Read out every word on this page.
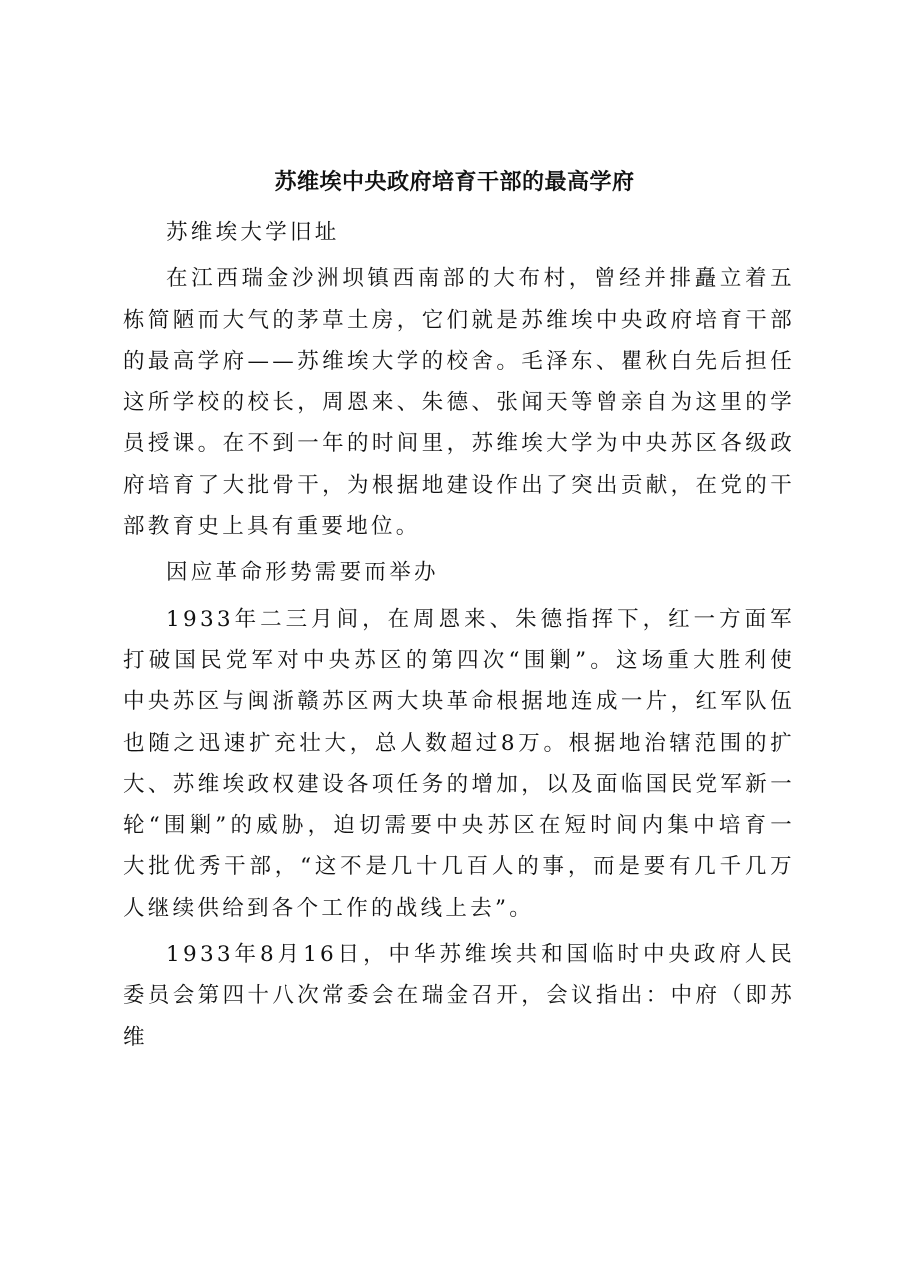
苏维埃中央政府培育干部的最高学府

苏维埃大学旧址

在江西瑞金沙洲坝镇西南部的大布村，曾经并排矗立着五栋简陋而大气的茅草土房，它们就是苏维埃中央政府培育干部的最高学府——苏维埃大学的校舍。毛泽东、瞿秋白先后担任这所学校的校长，周恩来、朱德、张闻天等曾亲自为这里的学员授课。在不到一年的时间里，苏维埃大学为中央苏区各级政府培育了大批骨干，为根据地建设作出了突出贡献，在党的干部教育史上具有重要地位。

因应革命形势需要而举办

1933年二三月间，在周恩来、朱德指挥下，红一方面军打破国民党军对中央苏区的第四次“围剿”。这场重大胜利使中央苏区与闽浙赣苏区两大块革命根据地连成一片，红军队伍也随之迅速扩充壮大，总人数超过8万。根据地治辖范围的扩大、苏维埃政权建设各项任务的增加，以及面临国民党军新一轮“围剿”的威胁，迫切需要中央苏区在短时间内集中培育一大批优秀干部，“这不是几十几百人的事，而是要有几千几万人继续供给到各个工作的战线上去”。

1933年8月16日，中华苏维埃共和国临时中央政府人民委员会第四十八次常委会在瑞金召开，会议指出：中府（即苏维
